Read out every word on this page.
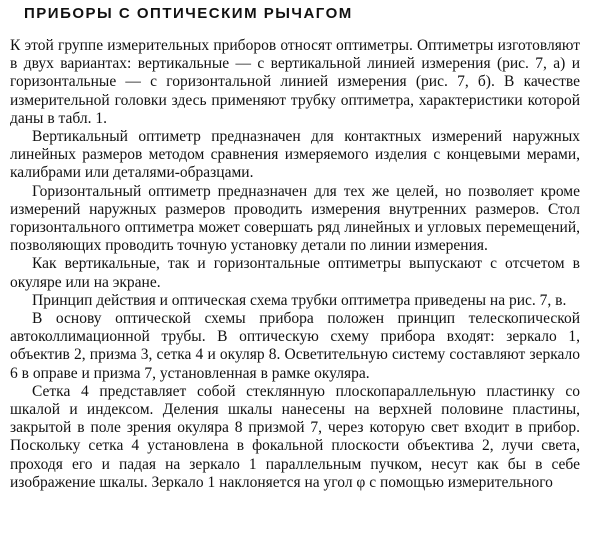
ПРИБОРЫ С ОПТИЧЕСКИМ РЫЧАГОМ

К этой группе измерительных приборов относят оптиметры. Оптиметры изготовляют в двух вариантах: вертикальные — с вертикальной линией измерения (рис. 7, а) и горизонтальные — с горизонтальной линией измерения (рис. 7, б). В качестве измерительной головки здесь применяют трубку оптиметра, характеристики которой даны в табл. 1.

Вертикальный оптиметр предназначен для контактных измерений наружных линейных размеров методом сравнения измеряемого изделия с концевыми мерами, калибрами или деталями-образцами.

Горизонтальный оптиметр предназначен для тех же целей, но позволяет кроме измерений наружных размеров проводить измерения внутренних размеров. Стол горизонтального оптиметра может совершать ряд линейных и угловых перемещений, позволяющих проводить точную установку детали по линии измерения.

Как вертикальные, так и горизонтальные оптиметры выпускают с отсчетом в окуляре или на экране.

Принцип действия и оптическая схема трубки оптиметра приведены на рис. 7, в.

В основу оптической схемы прибора положен принцип телескопической автоколлимационной трубы. В оптическую схему прибора входят: зеркало 1, объектив 2, призма 3, сетка 4 и окуляр 8. Осветительную систему составляют зеркало 6 в оправе и призма 7, установленная в рамке окуляра.

Сетка 4 представляет собой стеклянную плоскопараллельную пластинку со шкалой и индексом. Деления шкалы нанесены на верхней половине пластины, закрытой в поле зрения окуляра 8 призмой 7, через которую свет входит в прибор. Поскольку сетка 4 установлена в фокальной плоскости объектива 2, лучи света, проходя его и падая на зеркало 1 параллельным пучком, несут как бы в себе изображение шкалы. Зеркало 1 наклоняется на угол φ с помощью измерительного
